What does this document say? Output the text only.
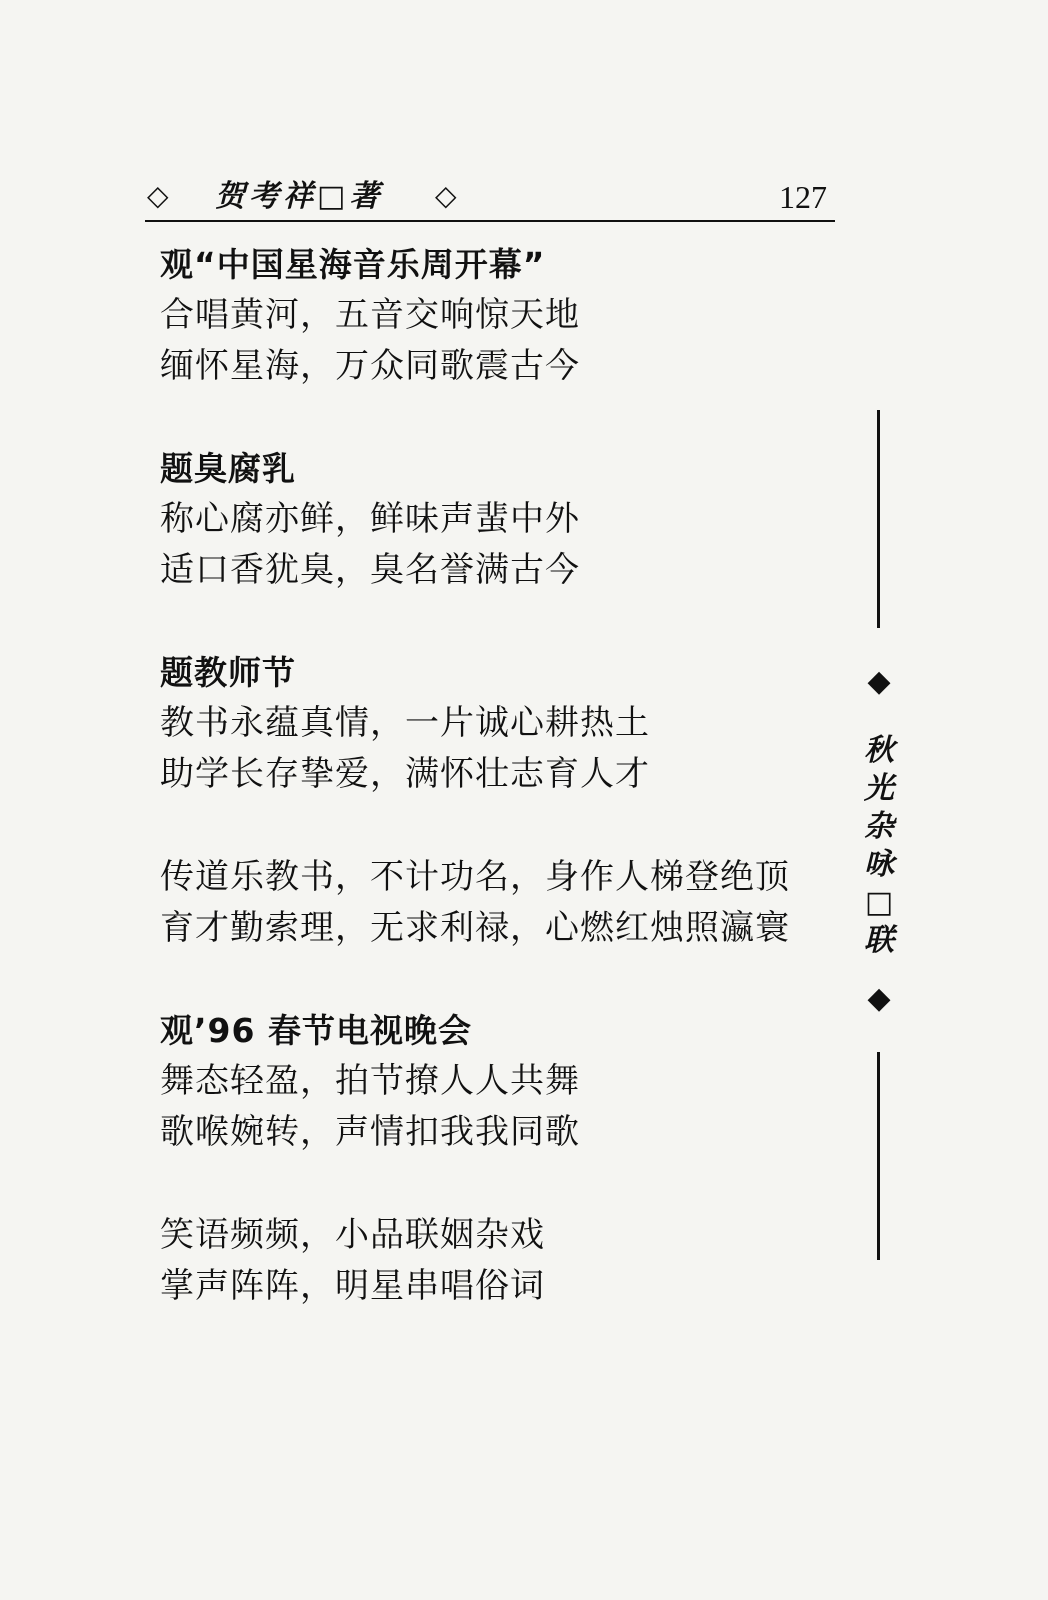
◇ 贺考祥□著 ◇	127

观“中国星海音乐周开幕”

合唱黄河，五音交响惊天地

缅怀星海，万众同歌震古今

题臭腐乳

称心腐亦鲜，鲜味声蜚中外

适口香犹臭，臭名誉满古今

题教师节

教书永蕴真情，一片诚心耕热土

助学长存挚爱，满怀壮志育人才

传道乐教书，不计功名，身作人梯登绝顶

育才勤索理，无求利禄，心燃红烛照瀛寰

观’96 春节电视晚会

舞态轻盈，拍节撩人人共舞

歌喉婉转，声情扣我我同歌

笑语频频，小品联姻杂戏

掌声阵阵，明星串唱俗词

◆
秋
光
杂
咏
□
联
◆
